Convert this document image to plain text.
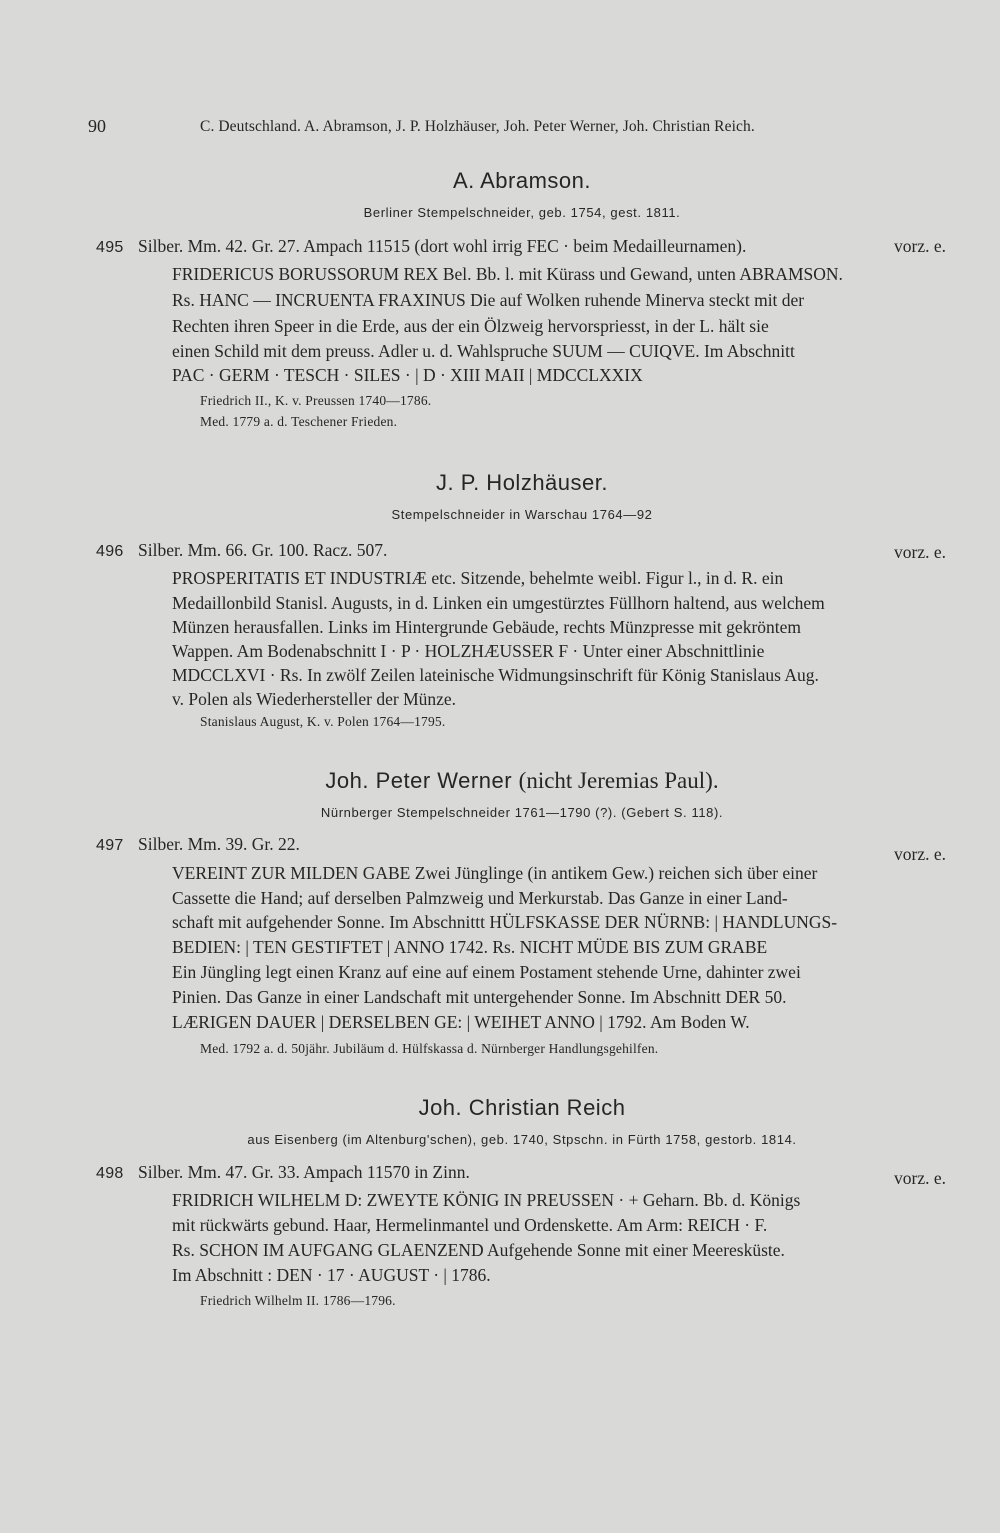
90	C. Deutschland. A. Abramson, J. P. Holzhäuser, Joh. Peter Werner, Joh. Christian Reich.
A. Abramson.
Berliner Stempelschneider, geb. 1754, gest. 1811.
495 Silber. Mm. 42. Gr. 27. Ampach 11515 (dort wohl irrig FEC · beim Medailleurnamen).	vorz. e.
FRIDERICUS BORUSSORUM REX Bel. Bb. l. mit Kürass und Gewand, unten ABRAMSON.
Rs. HANC — INCRUENTA FRAXINUS Die auf Wolken ruhende Minerva steckt mit der
Rechten ihren Speer in die Erde, aus der ein Ölzweig hervorspriesst, in der L. hält sie
einen Schild mit dem preuss. Adler u. d. Wahlspruche SUUM — CUIQVE. Im Abschnitt
PAC · GERM · TESCH · SILES · | D · XIII MAII | MDCCLXXIX
Friedrich II., K. v. Preussen 1740—1786.
Med. 1779 a. d. Teschener Frieden.
J. P. Holzhäuser.
Stempelschneider in Warschau 1764—92
496 Silber. Mm. 66. Gr. 100. Racz. 507.	vorz. e.
PROSPERITATIS ET INDUSTRIÆ etc. Sitzende, behelmte weibl. Figur l., in d. R. ein
Medaillonbild Stanisl. Augusts, in d. Linken ein umgestürztes Füllhorn haltend, aus welchem
Münzen herausfallen. Links im Hintergrunde Gebäude, rechts Münzpresse mit gekröntem
Wappen. Am Bodenabschnitt I · P · HOLZHÆUSSER F · Unter einer Abschnittlinie
MDCCLXVI · Rs. In zwölf Zeilen lateinische Widmungsinschrift für König Stanislaus Aug.
v. Polen als Wiederhersteller der Münze.
Stanislaus August, K. v. Polen 1764—1795.
Joh. Peter Werner (nicht Jeremias Paul).
Nürnberger Stempelschneider 1761—1790 (?). (Gebert S. 118).
497 Silber. Mm. 39. Gr. 22.	vorz. e.
VEREINT ZUR MILDEN GABE Zwei Jünglinge (in antikem Gew.) reichen sich über einer
Cassette die Hand; auf derselben Palmzweig und Merkurstab. Das Ganze in einer Land-
schaft mit aufgehender Sonne. Im Abschnittt HÜLFSKASSE DER NÜRNB: | HANDLUNGS-
BEDIEN: | TEN GESTIFTET | ANNO 1742. Rs. NICHT MÜDE BIS ZUM GRABE
Ein Jüngling legt einen Kranz auf eine auf einem Postament stehende Urne, dahinter zwei
Pinien. Das Ganze in einer Landschaft mit untergehender Sonne. Im Abschnitt DER 50.
LÆRIGEN DAUER | DERSELBEN GE: | WEIHET ANNO | 1792. Am Boden W.
Med. 1792 a. d. 50jähr. Jubiläum d. Hülfskassa d. Nürnberger Handlungsgehilfen.
Joh. Christian Reich
aus Eisenberg (im Altenburg'schen), geb. 1740, Stpschn. in Fürth 1758, gestorb. 1814.
498 Silber. Mm. 47. Gr. 33. Ampach 11570 in Zinn.	vorz. e.
FRIDRICH WILHELM D: ZWEYTE KÖNIG IN PREUSSEN · + Geharn. Bb. d. Königs
mit rückwärts gebund. Haar, Hermelinmantel und Ordenskette. Am Arm: REICH · F.
Rs. SCHON IM AUFGANG GLAENZEND Aufgehende Sonne mit einer Meeresküste.
Im Abschnitt : DEN · 17 · AUGUST · | 1786.
Friedrich Wilhelm II. 1786—1796.
